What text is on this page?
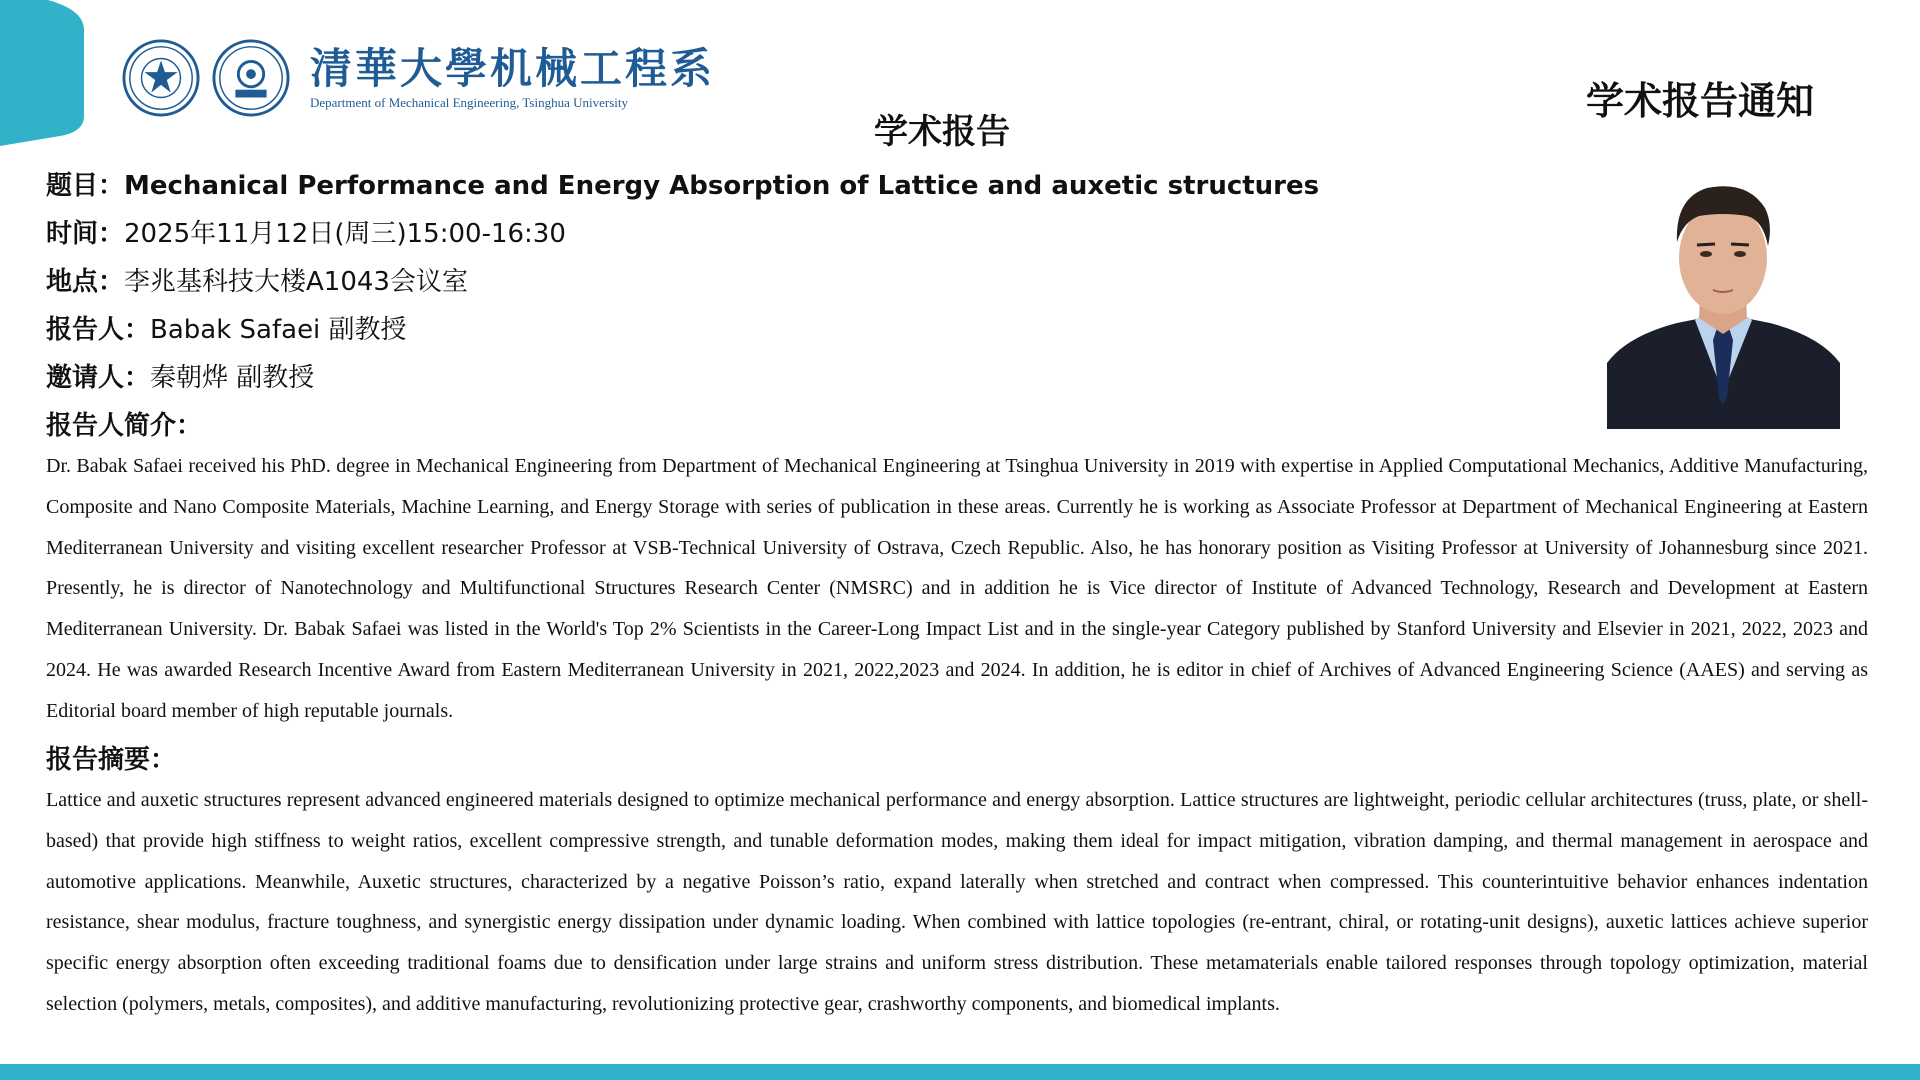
清華大學机械工程系
Department of Mechanical Engineering, Tsinghua University	学术报告通知
学术报告
题目：Mechanical Performance and Energy Absorption of Lattice and auxetic structures
时间：2025年11月12日(周三)15:00-16:30
地点：李兆基科技大楼A1043会议室
报告人：Babak Safaei 副教授
邀请人：秦朝烨 副教授
报告人简介：

Dr. Babak Safaei received his PhD. degree in Mechanical Engineering from Department of Mechanical Engineering at Tsinghua University in 2019 with expertise in Applied Computational Mechanics, Additive Manufacturing, Composite and Nano Composite Materials, Machine Learning, and Energy Storage with series of publication in these areas. Currently he is working as Associate Professor at Department of Mechanical Engineering at Eastern Mediterranean University and visiting excellent researcher Professor at VSB-Technical University of Ostrava, Czech Republic. Also, he has honorary position as Visiting Professor at University of Johannesburg since 2021. Presently, he is director of Nanotechnology and Multifunctional Structures Research Center (NMSRC) and in addition he is Vice director of Institute of Advanced Technology, Research and Development at Eastern Mediterranean University. Dr. Babak Safaei was listed in the World's Top 2% Scientists in the Career-Long Impact List and in the single-year Category published by Stanford University and Elsevier in 2021, 2022, 2023 and 2024. He was awarded Research Incentive Award from Eastern Mediterranean University in 2021, 2022,2023 and 2024. In addition, he is editor in chief of Archives of Advanced Engineering Science (AAES) and serving as Editorial board member of high reputable journals.

报告摘要：

Lattice and auxetic structures represent advanced engineered materials designed to optimize mechanical performance and energy absorption. Lattice structures are lightweight, periodic cellular architectures (truss, plate, or shell-based) that provide high stiffness to weight ratios, excellent compressive strength, and tunable deformation modes, making them ideal for impact mitigation, vibration damping, and thermal management in aerospace and automotive applications. Meanwhile, Auxetic structures, characterized by a negative Poisson’s ratio, expand laterally when stretched and contract when compressed. This counterintuitive behavior enhances indentation resistance, shear modulus, fracture toughness, and synergistic energy dissipation under dynamic loading. When combined with lattice topologies (re-entrant, chiral, or rotating-unit designs), auxetic lattices achieve superior specific energy absorption often exceeding traditional foams due to densification under large strains and uniform stress distribution. These metamaterials enable tailored responses through topology optimization, material selection (polymers, metals, composites), and additive manufacturing, revolutionizing protective gear, crashworthy components, and biomedical implants.
